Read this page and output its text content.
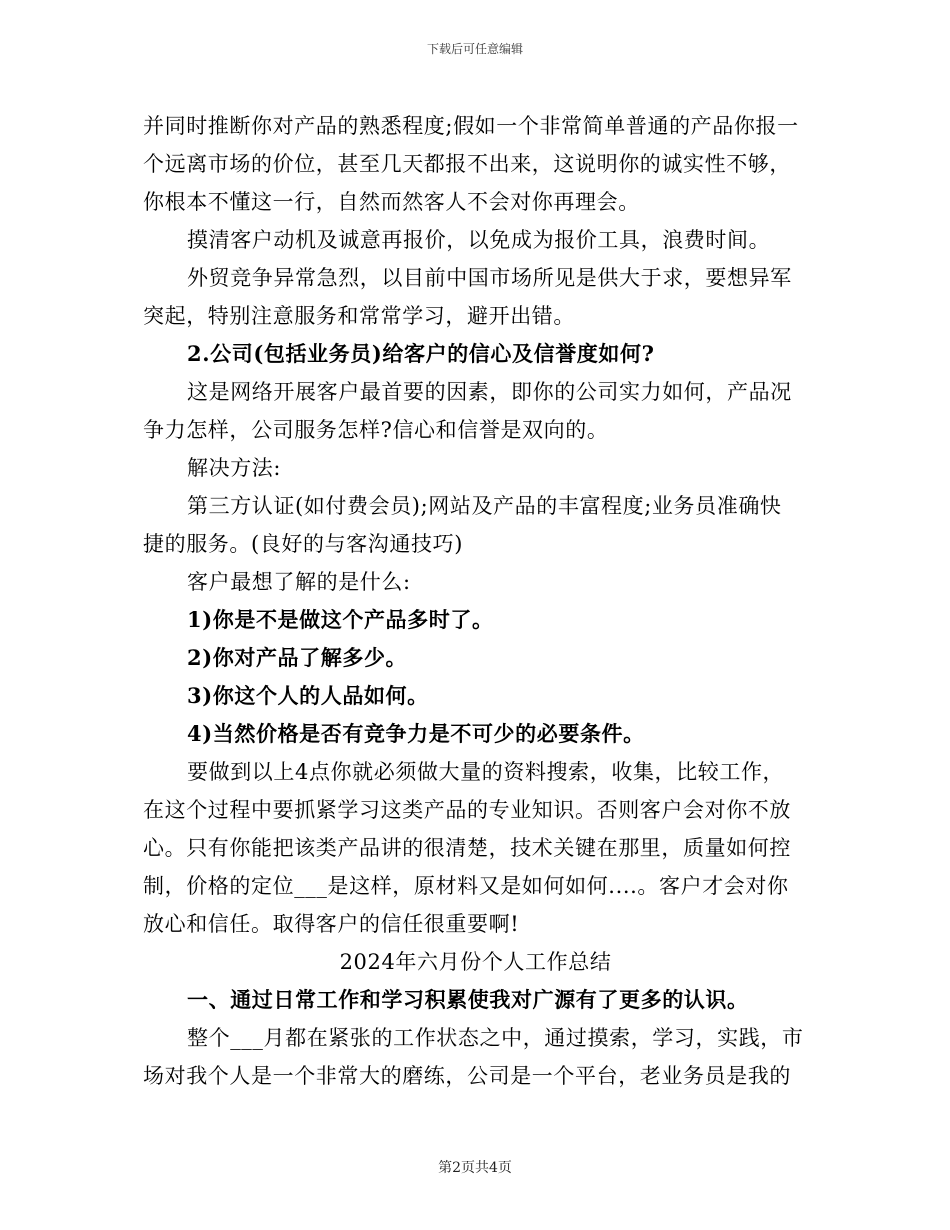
下载后可任意编辑

并同时推断你对产品的熟悉程度;假如一个非常简单普通的产品你报一

个远离市场的价位，甚至几天都报不出来，这说明你的诚实性不够，

你根本不懂这一行，自然而然客人不会对你再理会。

摸清客户动机及诚意再报价，以免成为报价工具，浪费时间。

外贸竞争异常急烈，以目前中国市场所见是供大于求，要想异军

突起，特别注意服务和常常学习，避开出错。

2.公司(包括业务员)给客户的信心及信誉度如何?

这是网络开展客户最首要的因素，即你的公司实力如何，产品况

争力怎样，公司服务怎样?信心和信誉是双向的。

解决方法:

第三方认证(如付费会员);网站及产品的丰富程度;业务员准确快

捷的服务。(良好的与客沟通技巧)

客户最想了解的是什么:

1)你是不是做这个产品多时了。

2)你对产品了解多少。

3)你这个人的人品如何。

4)当然价格是否有竞争力是不可少的必要条件。

要做到以上4点你就必须做大量的资料搜索，收集，比较工作，

在这个过程中要抓紧学习这类产品的专业知识。否则客户会对你不放

心。只有你能把该类产品讲的很清楚，技术关键在那里，质量如何控

制，价格的定位___是这样，原材料又是如何如何....。客户才会对你

放心和信任。取得客户的信任很重要啊!

2024年六月份个人工作总结

一、通过日常工作和学习积累使我对广源有了更多的认识。

整个___月都在紧张的工作状态之中，通过摸索，学习，实践，市

场对我个人是一个非常大的磨练，公司是一个平台，老业务员是我的

第2页共4页
